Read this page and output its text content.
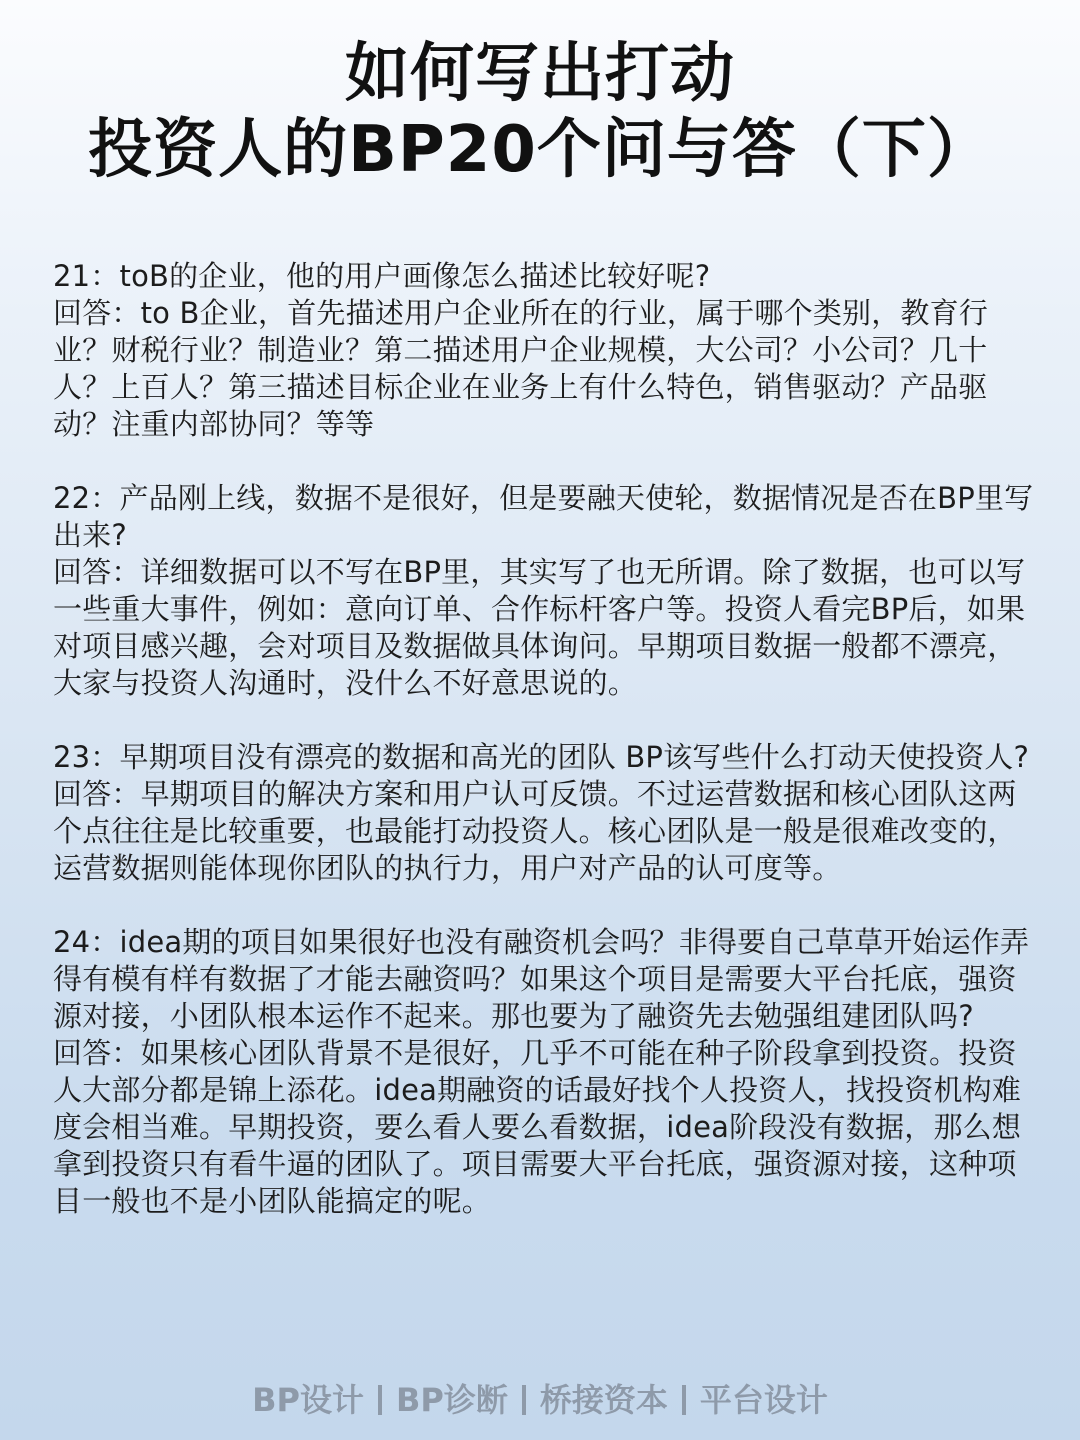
如何写出打动
投资人的BP20个问与答（下）

21：toB的企业，他的用户画像怎么描述比较好呢?

回答：to B企业，首先描述用户企业所在的行业，属于哪个类别，教育行业？财税行业？制造业？第二描述用户企业规模，大公司？小公司？几十人？上百人？第三描述目标企业在业务上有什么特色，销售驱动？产品驱动？注重内部协同？等等

22：产品刚上线，数据不是很好，但是要融天使轮，数据情况是否在BP里写出来?

回答：详细数据可以不写在BP里，其实写了也无所谓。除了数据，也可以写一些重大事件，例如：意向订单、合作标杆客户等。投资人看完BP后，如果对项目感兴趣，会对项目及数据做具体询问。早期项目数据一般都不漂亮，大家与投资人沟通时，没什么不好意思说的。

23：早期项目没有漂亮的数据和高光的团队 BP该写些什么打动天使投资人?

回答：早期项目的解决方案和用户认可反馈。不过运营数据和核心团队这两个点往往是比较重要，也最能打动投资人。核心团队是一般是很难改变的，运营数据则能体现你团队的执行力，用户对产品的认可度等。

24：idea期的项目如果很好也没有融资机会吗？非得要自己草草开始运作弄得有模有样有数据了才能去融资吗？如果这个项目是需要大平台托底，强资源对接，小团队根本运作不起来。那也要为了融资先去勉强组建团队吗?

回答：如果核心团队背景不是很好，几乎不可能在种子阶段拿到投资。投资人大部分都是锦上添花。idea期融资的话最好找个人投资人，找投资机构难度会相当难。早期投资，要么看人要么看数据，idea阶段没有数据，那么想拿到投资只有看牛逼的团队了。项目需要大平台托底，强资源对接，这种项目一般也不是小团队能搞定的呢。

BP设计 BP诊断 桥接资本 平台设计
